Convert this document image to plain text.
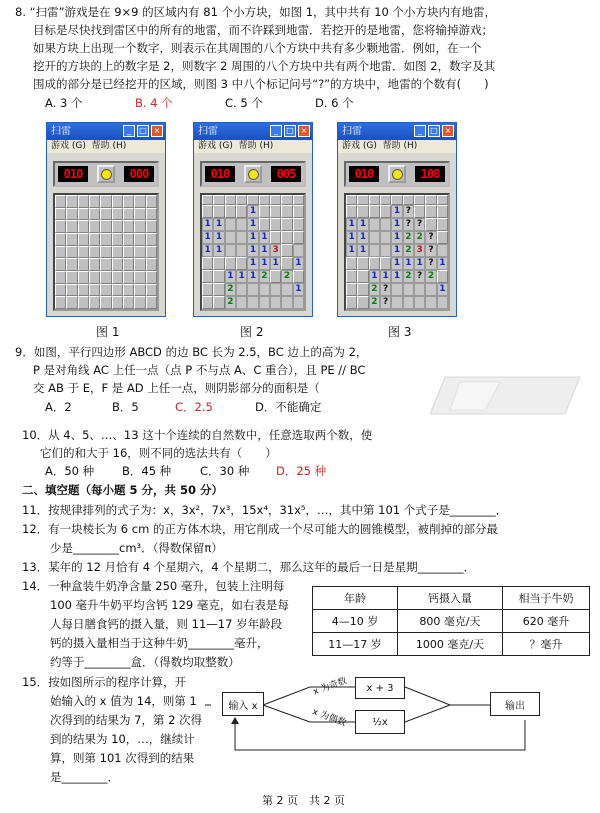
8. “扫雷”游戏是在 9×9 的区域内有 81 个小方块，如图 1，其中共有 10 个小方块内有地雷，
目标是尽快找到雷区中的所有的地雷，而不许踩到地雷．若挖开的是地雷，您将输掉游戏；
如果方块上出现一个数字，则表示在其周围的八个方块中共有多少颗地雷．例如，在一个
挖开的方块的上的数字是 2，则数字 2 周围的八个方块中共有两个地雷．如图 2，数字及其
围成的部分是已经挖开的区域，则图 3 中八个标记问号“?”的方块中，地雷的个数有(　　)
A. 3 个	B. 4 个	C. 5 个	D. 6 个
扫雷	_	□ ×
游戏 (G) 帮助 (H)
010	000
扫雷	_	□ ×
游戏 (G) 帮助 (H)
010	005
1
1 1	1
1 1	1 1
1 1	1 1 3
1 1 1 1
1 1 1 2 2
2	1
2
扫雷	_	□ ×
游戏 (G) 帮助 (H)
010	108
1 ?
1 1	1 ? ?
1 1	1 2 2 ?
1 1	1 2 3 ?
1 1 1 ? 1
1 1 1 2 ? 2
2 ?	1
2 ?
图 1	图 2	图 3
9．如图，平行四边形 ABCD 的边 BC 长为 2.5，BC 边上的高为 2，
P 是对角线 AC 上任一点（点 P 不与点 A、C 重合），且 PE // BC
交 AB 于 E，F 是 AD 上任一点，则阴影部分的面积是（
A．2	B．5	C．2.5	D．不能确定
10．从 4、5、…、13 这十个连续的自然数中，任意选取两个数，使
它们的和大于 16，则不同的选法共有（　　）
A．50 种 B．45 种	C．30 种 D．25 种
二、填空题（每小题 5 分，共 50 分）
11．按规律排列的式子为：x，3x²，7x³，15x⁴，31x⁵，…，其中第 101 个式子是________．
12．有一块棱长为 6 cm 的正方体木块，用它削成一个尽可能大的圆锥模型，被削掉的部分最
少是________cm³．（得数保留π）
13．某年的 12 月恰有 4 个星期六，4 个星期二，那么这年的最后一日是星期________．
14．一种盒装牛奶净含量 250 毫升，包装上注明每
100 毫升牛奶平均含钙 129 毫克，如右表是每
人每日膳食钙的摄入量，则 11—17 岁年龄段
钙的摄入量相当于这种牛奶________毫升，
约等于________盒．（得数均取整数）
年龄	钙摄入量	相当于牛奶
4—10 岁	800 毫克/天	620 毫升
11—17 岁	1000 毫克/天	？毫升
15．按如图所示的程序计算，开
始输入的 x 值为 14，则第 1
次得到的结果为 7，第 2 次得
到的结果为 10，…，继续计
算，则第 101 次得到的结果
是________．
输入 x
x + 3
½x
输出
x 为奇数
x 为偶数
第 2 页　共 2 页
